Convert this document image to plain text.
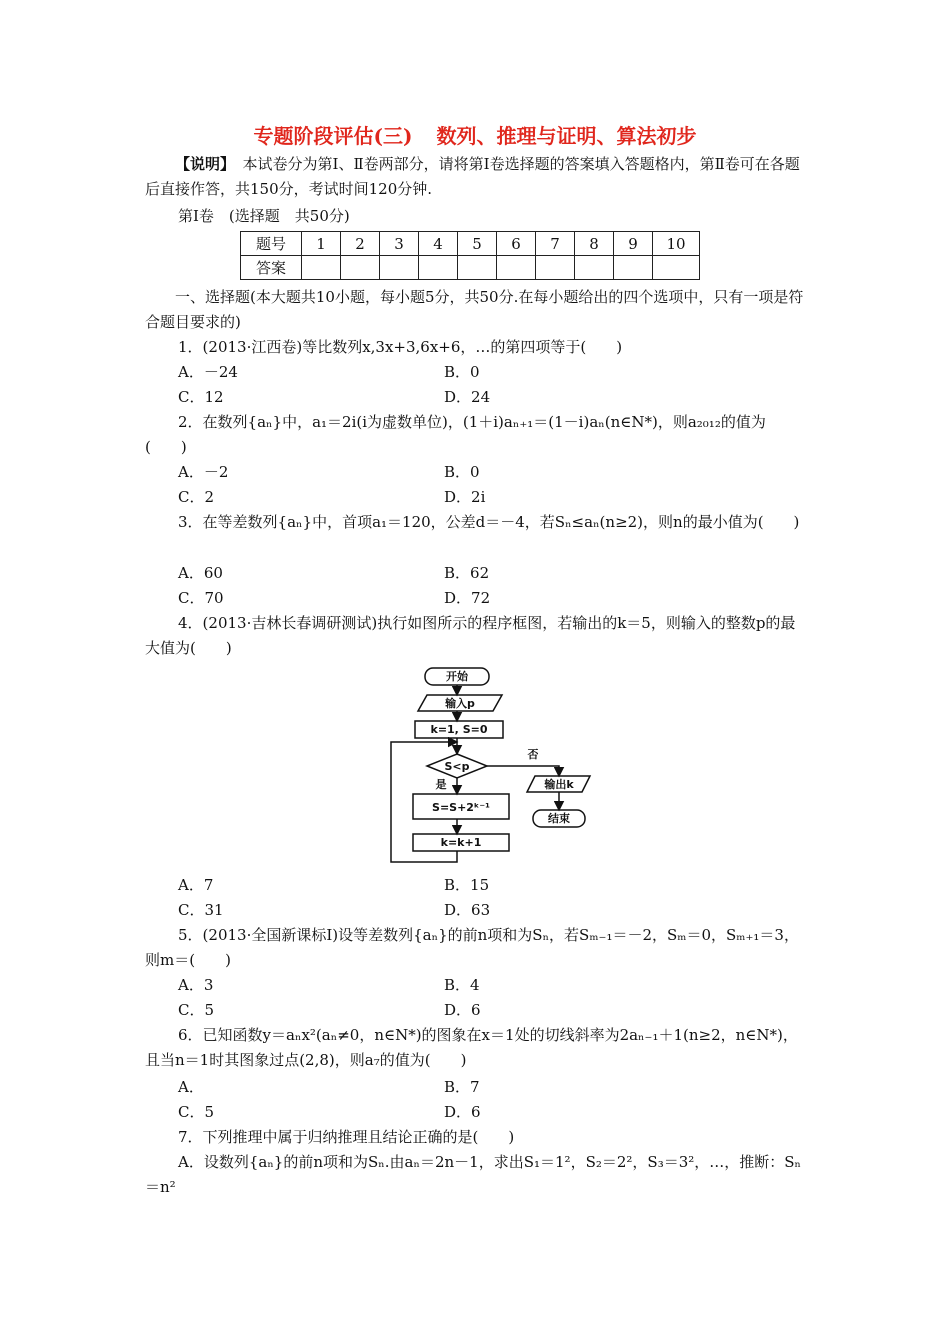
专题阶段评估(三) 数列、推理与证明、算法初步
【说明】　 本试卷分为第Ⅰ、Ⅱ卷两部分，请将第Ⅰ卷选择题的答案填入答题格内，第Ⅱ卷可在各题后直接作答，共150分，考试时间120分钟.
第Ⅰ卷　(选择题　共50分)
题号	1	2	3	4	5	6	7	8	9	10
答案										
一、选择题(本大题共10小题，每小题5分，共50分.在每小题给出的四个选项中，只有一项是符合题目要求的)
1．(2013·江西卷)等比数列x,3x+3,6x+6，…的第四项等于(　　)
A．－24	B．0
C．12	D．24
2．在数列{aₙ}中，a₁＝2i(i为虚数单位)，(1＋i)aₙ₊₁＝(1－i)aₙ(n∈N*)，则a₂₀₁₂的值为(　　)
A．－2	B．0
C．2	D．2i
3．在等差数列{aₙ}中，首项a₁＝120，公差d＝－4，若Sₙ≤aₙ(n≥2)，则n的最小值为(　　)
A．60	B．62
C．70	D．72
4．(2013·吉林长春调研测试)执行如图所示的程序框图，若输出的k＝5，则输入的整数p的最大值为(　　)
开始
输入p
k=1, S=0
S<p
否
是	输出k
S=S+2ᵏ⁻¹
k=k+1
结束
A．7	B．15
C．31	D．63
5．(2013·全国新课标Ⅰ)设等差数列{aₙ}的前n项和为Sₙ，若Sₘ₋₁＝－2，Sₘ＝0，Sₘ₊₁＝3，则m＝(　　)
A．3	B．4
C．5	D．6
6．已知函数y＝aₙx²(aₙ≠0，n∈N*)的图象在x＝1处的切线斜率为2aₙ₋₁＋1(n≥2，n∈N*)，且当n＝1时其图象过点(2,8)，则a₇的值为(　　)
A．	B．7
C．5	D．6
7．下列推理中属于归纳推理且结论正确的是(　　)
A．设数列{aₙ}的前n项和为Sₙ.由aₙ＝2n－1，求出S₁＝1²，S₂＝2²，S₃＝3²，…，推断：Sₙ＝n²
